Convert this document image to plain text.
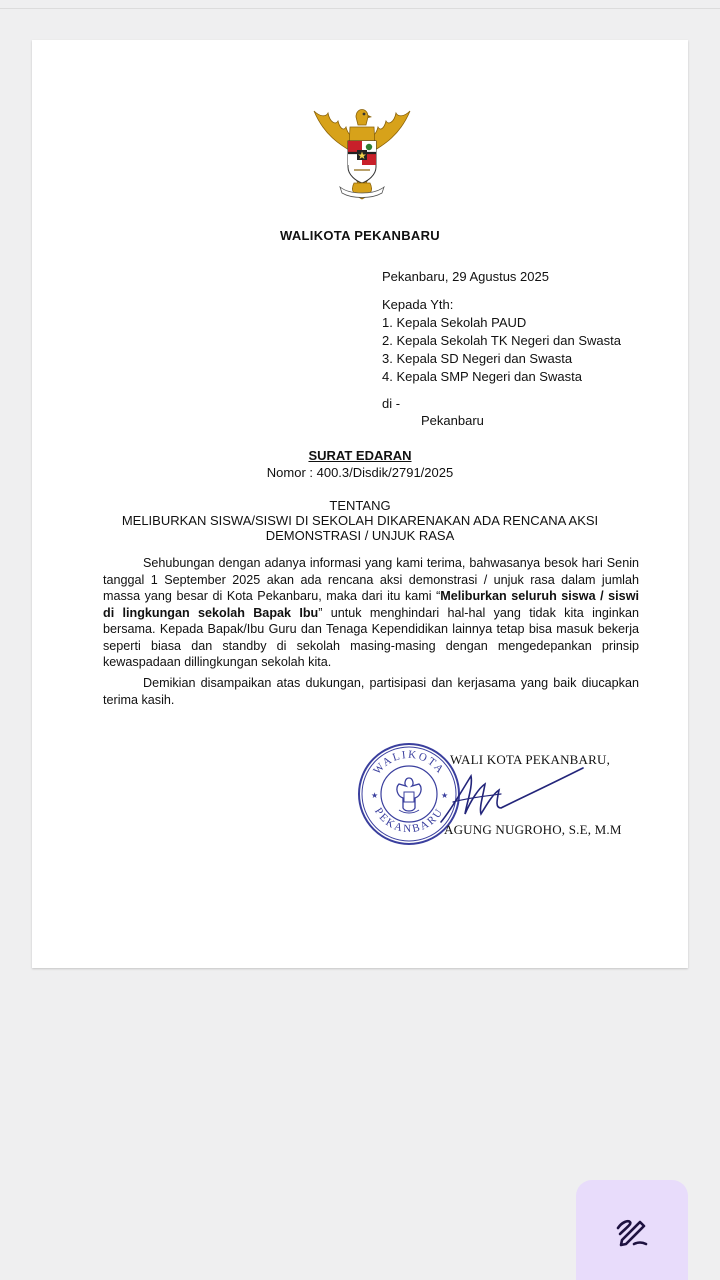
WALIKOTA PEKANBARU
Pekanbaru, 29 Agustus 2025
Kepada Yth:
1. Kepala Sekolah PAUD
2. Kepala Sekolah TK Negeri dan Swasta
3. Kepala SD Negeri dan Swasta
4. Kepala SMP Negeri dan Swasta
di -
Pekanbaru
SURAT EDARAN
Nomor : 400.3/Disdik/2791/2025
TENTANG
MELIBURKAN SISWA/SISWI DI SEKOLAH DIKARENAKAN ADA RENCANA AKSI
DEMONSTRASI / UNJUK RASA
Sehubungan dengan adanya informasi yang kami terima, bahwasanya besok hari Senin tanggal 1 September 2025 akan ada rencana aksi demonstrasi / unjuk rasa dalam jumlah massa yang besar di Kota Pekanbaru, maka dari itu kami “Meliburkan seluruh siswa / siswi di lingkungan sekolah Bapak Ibu” untuk menghindari hal-hal yang tidak kita inginkan bersama. Kepada Bapak/Ibu Guru dan Tenaga Kependidikan lainnya tetap bisa masuk bekerja seperti biasa dan standby di sekolah masing-masing dengan mengedepankan prinsip kewaspadaan dillingkungan sekolah kita.
Demikian disampaikan atas dukungan, partisipasi dan kerjasama yang baik diucapkan terima kasih.
WALIKOTA
PEKANBARU
★	★
WALI KOTA PEKANBARU,
AGUNG NUGROHO, S.E, M.M
